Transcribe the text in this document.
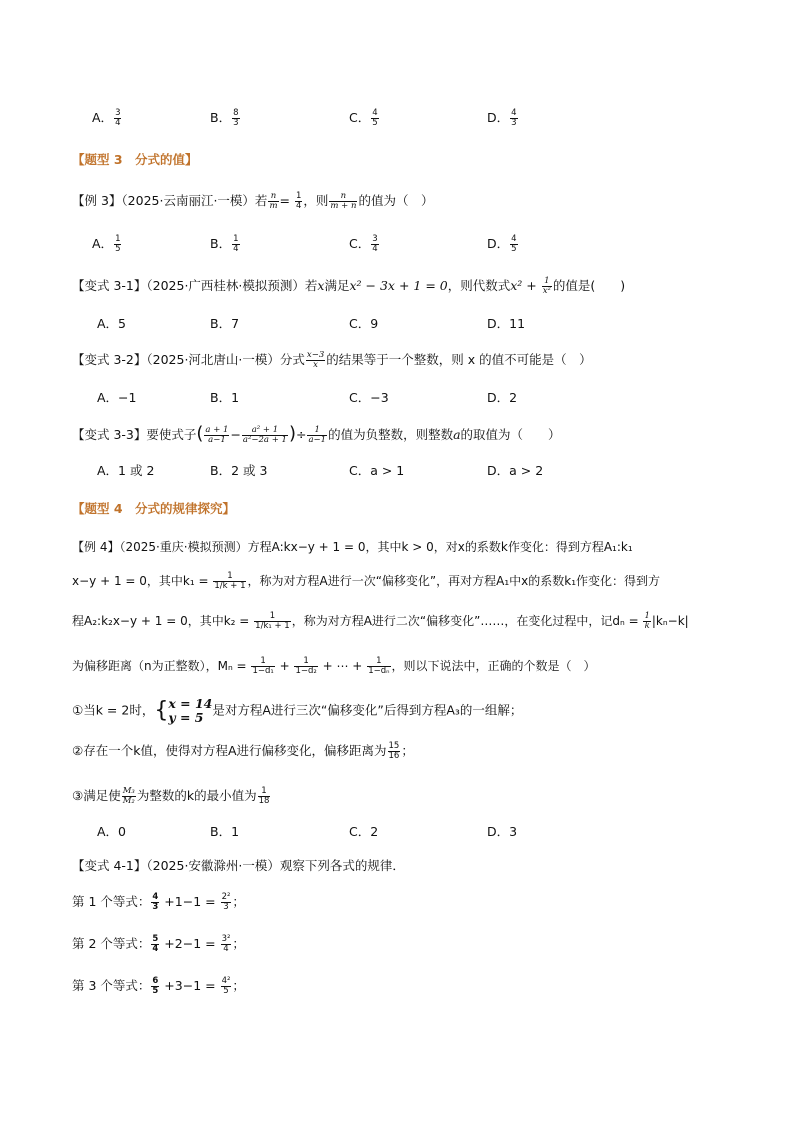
A． $\frac{3}{4}$	B． $\frac{8}{3}$	C． $\frac{4}{5}$	D． $\frac{4}{3}$
【题型 3　分式的值】
【例 3】（2025·云南丽江·一模）若 $\frac{n}{m} = \frac{1}{4}$ ，则 $\frac{n}{m + n}$ 的值为（　）
A． $\frac{1}{5}$	B． $\frac{1}{4}$	C． $\frac{3}{4}$	D． $\frac{4}{5}$
【变式 3-1】（2025·广西桂林·模拟预测）若x满足x² − 3x + 1 = 0，则代数式$x^2 + \frac{1}{\text{x²}}$ 的值是(　　)
A．5	B．7	C．9	D．11
【变式 3-2】（2025·河北唐山·一模）分式 $\frac{x-3}{x}$ 的结果等于一个整数，则 x 的值不可能是（　）
A．−1	B．1	C．−3	D．2
【变式 3-3】要使式子( $\frac{a + 1}{a-1} - \frac{\text{a² + 1}}{\text{a²−2a + 1}}$ )÷ $\frac{1}{a-1}$ 的值为负整数，则整数a的取值为（　　）
A．1 或 2	B．2 或 3	C．a > 1	D．a > 2
【题型 4　分式的规律探究】
【例 4】（2025·重庆·模拟预测）方程A:kx−y + 1 = 0，其中k > 0，对x的系数k作变化：得到方程A₁:k₁
x−y + 1 = 0，其中$k_1 = \frac{1}{1/k + 1}$ ，称为对方程A进行一次“偏移变化”，再对方程A₁中x的系数k₁作变化：得到方
程A₂:k₂x−y + 1 = 0，其中$k_2 = \frac{1}{\text{1/k₁ + 1}}$ ，称为对方程A进行二次“偏移变化”……，在变化过程中，记$d_n = \frac{1}{k} |k_n-k|$
为偏移距离（n为正整数），$M_n = \frac{1}{\text{1−d₁}} + \frac{1}{\text{1−d₂}}$ + ⋯ + $\frac{1}{\text{1−dₙ}}$ ，则以下说法中，正确的个数是（　）
①当k = 2时，{ x = 14
y = 5 是对方程A进行三次“偏移变化”后得到方程A₃的一组解；
②存在一个k值，使得对方程A进行偏移变化，偏移距离为 $\frac{15}{16}$ ；
③满足使 $\frac{\text{M₃}}{\text{M₂}}$ 为整数的k的最小值为 $\frac{1}{18}$
A．0	B．1	C．2	D．3
【变式 4-1】（2025·安徽滁州·一模）观察下列各式的规律．
第 1 个等式： $\frac{4}{3} +1-1 = \frac{\text{2²}}{3}$ ；
第 2 个等式： $\frac{5}{4} +2-1 = \frac{\text{3²}}{4}$ ；
第 3 个等式： $\frac{6}{5} +3-1 = \frac{\text{4²}}{5}$ ；
